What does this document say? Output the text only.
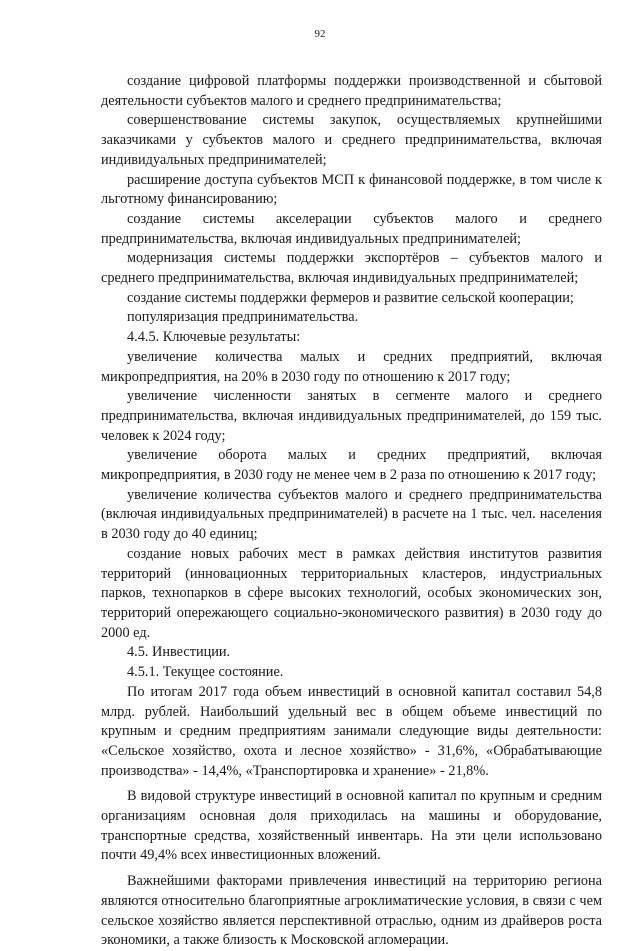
92

создание цифровой платформы поддержки производственной и сбытовой деятельности субъектов малого и среднего предпринимательства;

совершенствование системы закупок, осуществляемых крупнейшими заказчиками у субъектов малого и среднего предпринимательства, включая индивидуальных предпринимателей;

расширение доступа субъектов МСП к финансовой поддержке, в том числе к льготному финансированию;

создание системы акселерации субъектов малого и среднего предпринимательства, включая индивидуальных предпринимателей;

модернизация системы поддержки экспортёров – субъектов малого и среднего предпринимательства, включая индивидуальных предпринимателей;

создание системы поддержки фермеров и развитие сельской кооперации;

популяризация предпринимательства.

4.4.5. Ключевые результаты:

увеличение количества малых и средних предприятий, включая микропредприятия, на 20% в 2030 году по отношению к 2017 году;

увеличение численности занятых в сегменте малого и среднего предпринимательства, включая индивидуальных предпринимателей, до 159 тыс. человек к 2024 году;

увеличение оборота малых и средних предприятий, включая микропредприятия, в 2030 году не менее чем в 2 раза по отношению к 2017 году;

увеличение количества субъектов малого и среднего предпринимательства (включая индивидуальных предпринимателей) в расчете на 1 тыс. чел. населения в 2030 году до 40 единиц;

создание новых рабочих мест в рамках действия институтов развития территорий (инновационных территориальных кластеров, индустриальных парков, технопарков в сфере высоких технологий, особых экономических зон, территорий опережающего социально-экономического развития) в 2030 году до 2000 ед.

4.5. Инвестиции.

4.5.1. Текущее состояние.

По итогам 2017 года объем инвестиций в основной капитал составил 54,8 млрд. рублей. Наибольший удельный вес в общем объеме инвестиций по крупным и средним предприятиям занимали следующие виды деятельности: «Сельское хозяйство, охота и лесное хозяйство» - 31,6%, «Обрабатывающие производства» - 14,4%, «Транспортировка и хранение» - 21,8%.

В видовой структуре инвестиций в основной капитал по крупным и средним организациям основная доля приходилась на машины и оборудование, транспортные средства, хозяйственный инвентарь. На эти цели использовано почти 49,4% всех инвестиционных вложений.

Важнейшими факторами привлечения инвестиций на территорию региона являются относительно благоприятные агроклиматические условия, в связи с чем сельское хозяйство является перспективной отраслью, одним из драйверов роста экономики, а также близость к Московской агломерации.
